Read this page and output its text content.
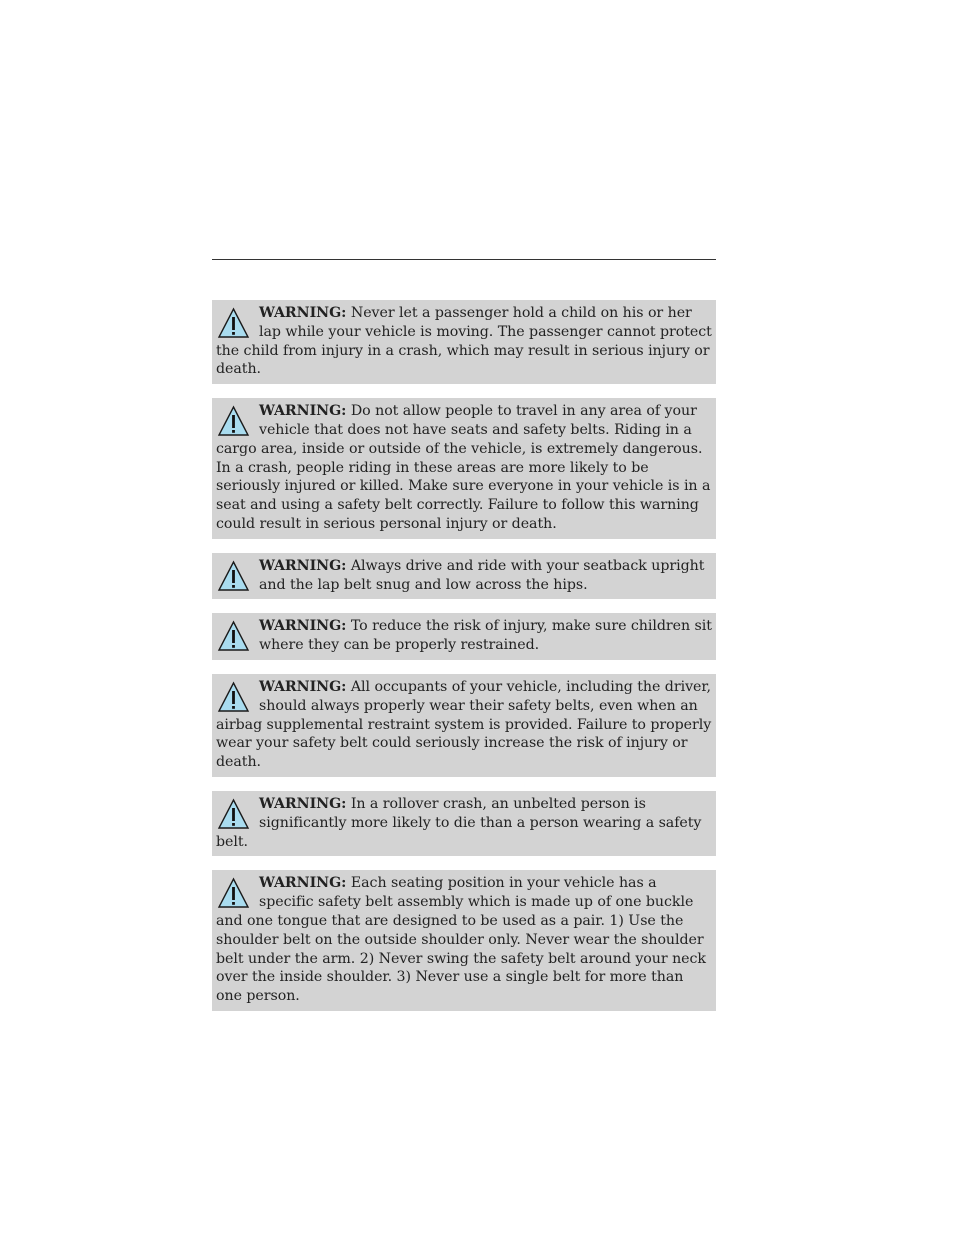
WARNING: Never let a passenger hold a child on his or her lap while your vehicle is moving. The passenger cannot protect the child from injury in a crash, which may result in serious injury or death.
WARNING: Do not allow people to travel in any area of your vehicle that does not have seats and safety belts. Riding in a cargo area, inside or outside of the vehicle, is extremely dangerous. In a crash, people riding in these areas are more likely to be seriously injured or killed. Make sure everyone in your vehicle is in a seat and using a safety belt correctly. Failure to follow this warning could result in serious personal injury or death.
WARNING: Always drive and ride with your seatback upright and the lap belt snug and low across the hips.
WARNING: To reduce the risk of injury, make sure children sit where they can be properly restrained.
WARNING: All occupants of your vehicle, including the driver, should always properly wear their safety belts, even when an airbag supplemental restraint system is provided. Failure to properly wear your safety belt could seriously increase the risk of injury or death.
WARNING: In a rollover crash, an unbelted person is significantly more likely to die than a person wearing a safety belt.
WARNING: Each seating position in your vehicle has a specific safety belt assembly which is made up of one buckle and one tongue that are designed to be used as a pair. 1) Use the shoulder belt on the outside shoulder only. Never wear the shoulder belt under the arm. 2) Never swing the safety belt around your neck over the inside shoulder. 3) Never use a single belt for more than one person.
